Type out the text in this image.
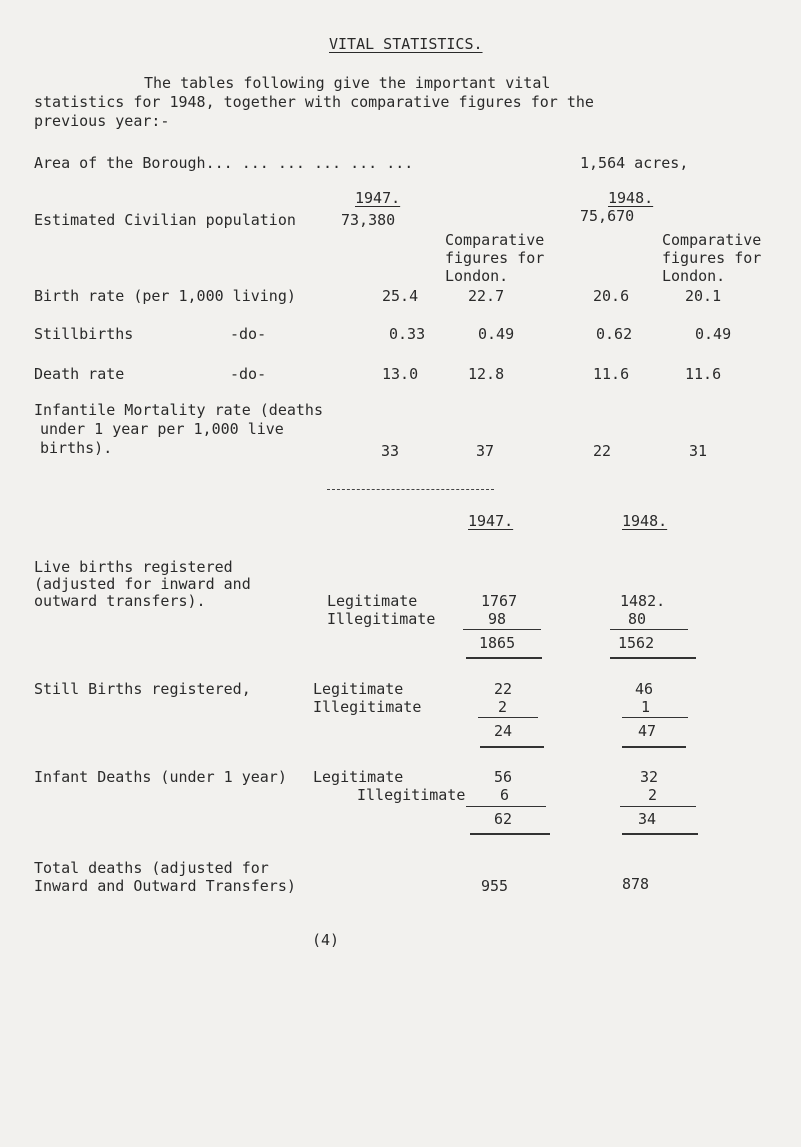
VITAL STATISTICS.
The tables following give the important vital
statistics for 1948, together with comparative figures for the
previous year:-
Area of the Borough... ... ... ... ... ...	1,564 acres,
1947.	1948.
Estimated Civilian population	73,380	75,670
Comparative
figures for
London.
Comparative
figures for
London.
Birth rate (per 1,000 living)	25.4	22.7	20.6	20.1
Stillbirths	-do-	0.33	0.49	0.62	0.49
Death rate	-do-	13.0	12.8	11.6	11.6
Infantile Mortality rate (deaths
under 1 year per 1,000 live
births).	33	37	22	31
1947.	1948.
Live births registered
(adjusted for inward and
outward transfers).	Legitimate	1767	1482.
Illegitimate	98	80
1865	1562
Still Births registered,	Legitimate	22	46
Illegitimate	2	1
24	47
Infant Deaths (under 1 year) Legitimate	56	32
Illegitimate 6	2
62	34
Total deaths (adjusted for
Inward and Outward Transfers)	955	878
(4)
